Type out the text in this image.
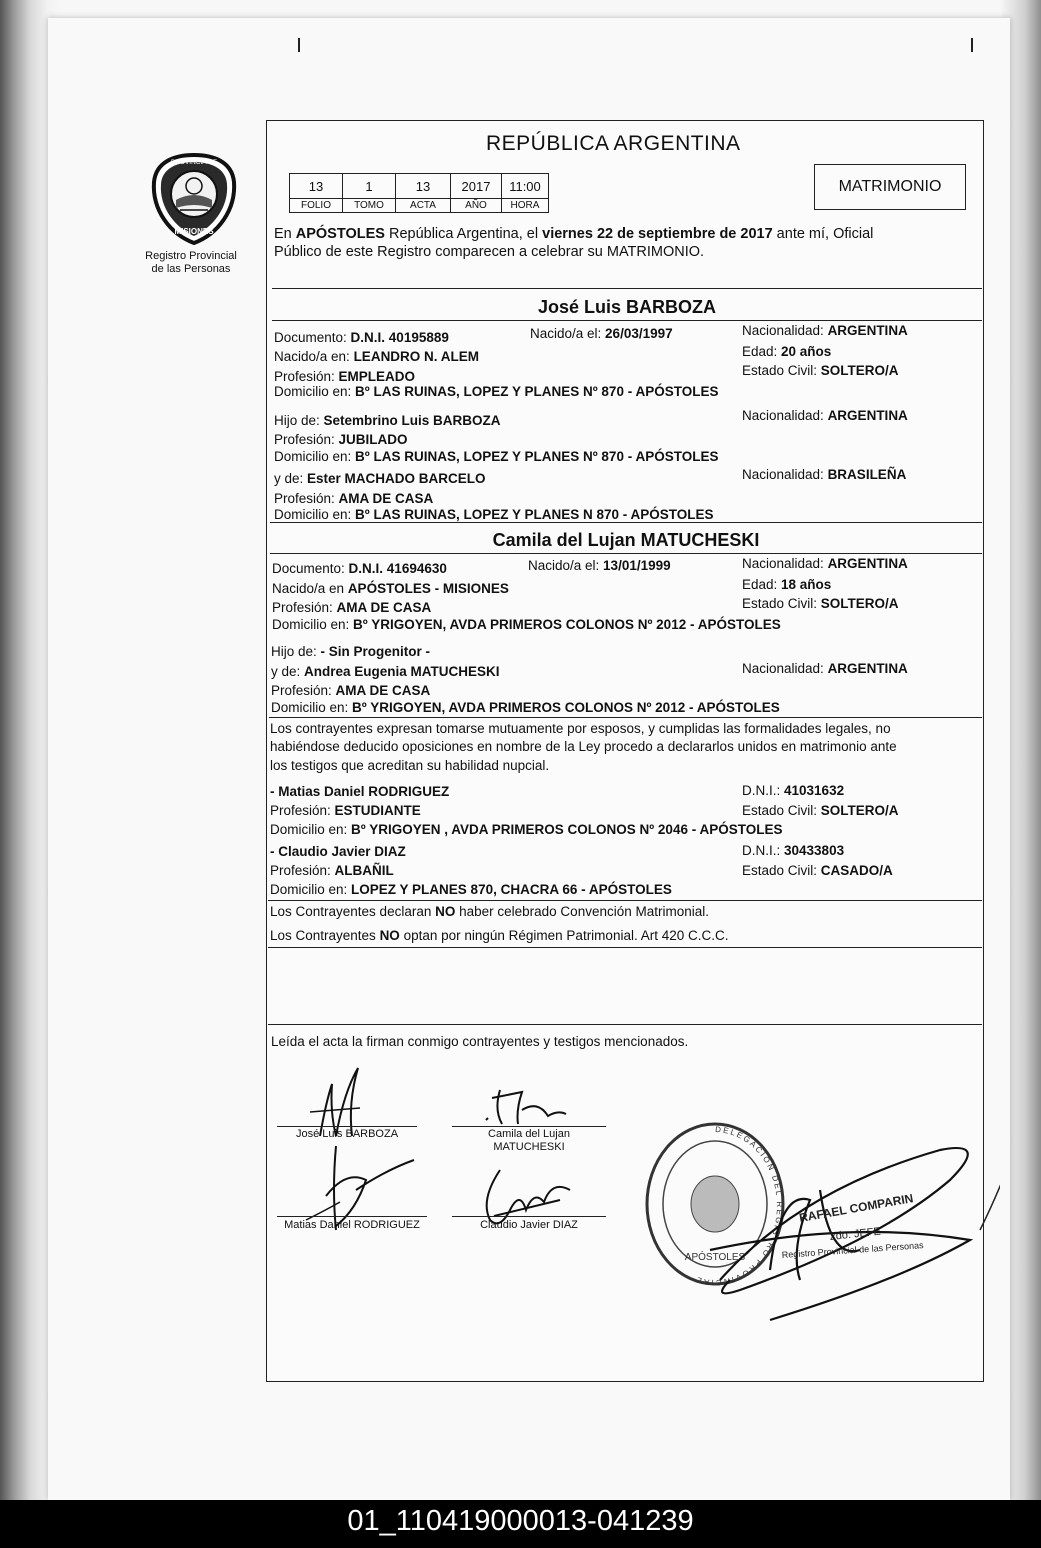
PROVINCIA DE
MISIONES
Registro Provincial
de las Personas
REPÚBLICA ARGENTINA
13	1	13	2017	11:00
FOLIO	TOMO	ACTA	AÑO	HORA
MATRIMONIO
En APÓSTOLES República Argentina, el viernes 22 de septiembre de 2017 ante mí, Oficial
Público de este Registro comparecen a celebrar su MATRIMONIO.
José Luis BARBOZA
Documento: D.N.I. 40195889	Nacido/a el: 26/03/1997	Nacionalidad: ARGENTINA
Nacido/a en: LEANDRO N. ALEM	Edad: 20 años
Profesión: EMPLEADO	Estado Civil: SOLTERO/A
Domicilio en: Bº LAS RUINAS, LOPEZ Y PLANES Nº 870 - APÓSTOLES
Hijo de: Setembrino Luis BARBOZA	Nacionalidad: ARGENTINA
Profesión: JUBILADO
Domicilio en: Bº LAS RUINAS, LOPEZ Y PLANES Nº 870 - APÓSTOLES
y de: Ester MACHADO BARCELO	Nacionalidad: BRASILEÑA
Profesión: AMA DE CASA
Domicilio en: Bº LAS RUINAS, LOPEZ Y PLANES N 870 - APÓSTOLES
Camila del Lujan MATUCHESKI
Documento: D.N.I. 41694630	Nacido/a el: 13/01/1999	Nacionalidad: ARGENTINA
Nacido/a en APÓSTOLES - MISIONES	Edad: 18 años
Profesión: AMA DE CASA	Estado Civil: SOLTERO/A
Domicilio en: Bº YRIGOYEN, AVDA PRIMEROS COLONOS Nº 2012 - APÓSTOLES
Hijo de: - Sin Progenitor -
y de: Andrea Eugenia MATUCHESKI	Nacionalidad: ARGENTINA
Profesión: AMA DE CASA
Domicilio en: Bº YRIGOYEN, AVDA PRIMEROS COLONOS Nº 2012 - APÓSTOLES
Los contrayentes expresan tomarse mutuamente por esposos, y cumplidas las formalidades legales, no
habiéndose deducido oposiciones en nombre de la Ley procedo a declararlos unidos en matrimonio ante
los testigos que acreditan su habilidad nupcial.
- Matias Daniel RODRIGUEZ	D.N.I.: 41031632
Profesión: ESTUDIANTE	Estado Civil: SOLTERO/A
Domicilio en: Bº YRIGOYEN , AVDA PRIMEROS COLONOS Nº 2046 - APÓSTOLES
- Claudio Javier DIAZ	D.N.I.: 30433803
Profesión: ALBAÑIL	Estado Civil: CASADO/A
Domicilio en: LOPEZ Y PLANES 870, CHACRA 66 - APÓSTOLES
Los Contrayentes declaran NO haber celebrado Convención Matrimonial.
Los Contrayentes NO optan por ningún Régimen Patrimonial. Art 420 C.C.C.
Leída el acta la firman conmigo contrayentes y testigos mencionados.
José Luis BARBOZA	Camila del Lujan
MATUCHESKI
Matias Daniel RODRIGUEZ	Claudio Javier DIAZ
DELEGACIÓN DEL REGISTRO PROVINCIAL
APÓSTOLES
RAFAEL COMPARIN
2do. JEFE
Registro Provincial de las Personas
01_110419000013-041239
